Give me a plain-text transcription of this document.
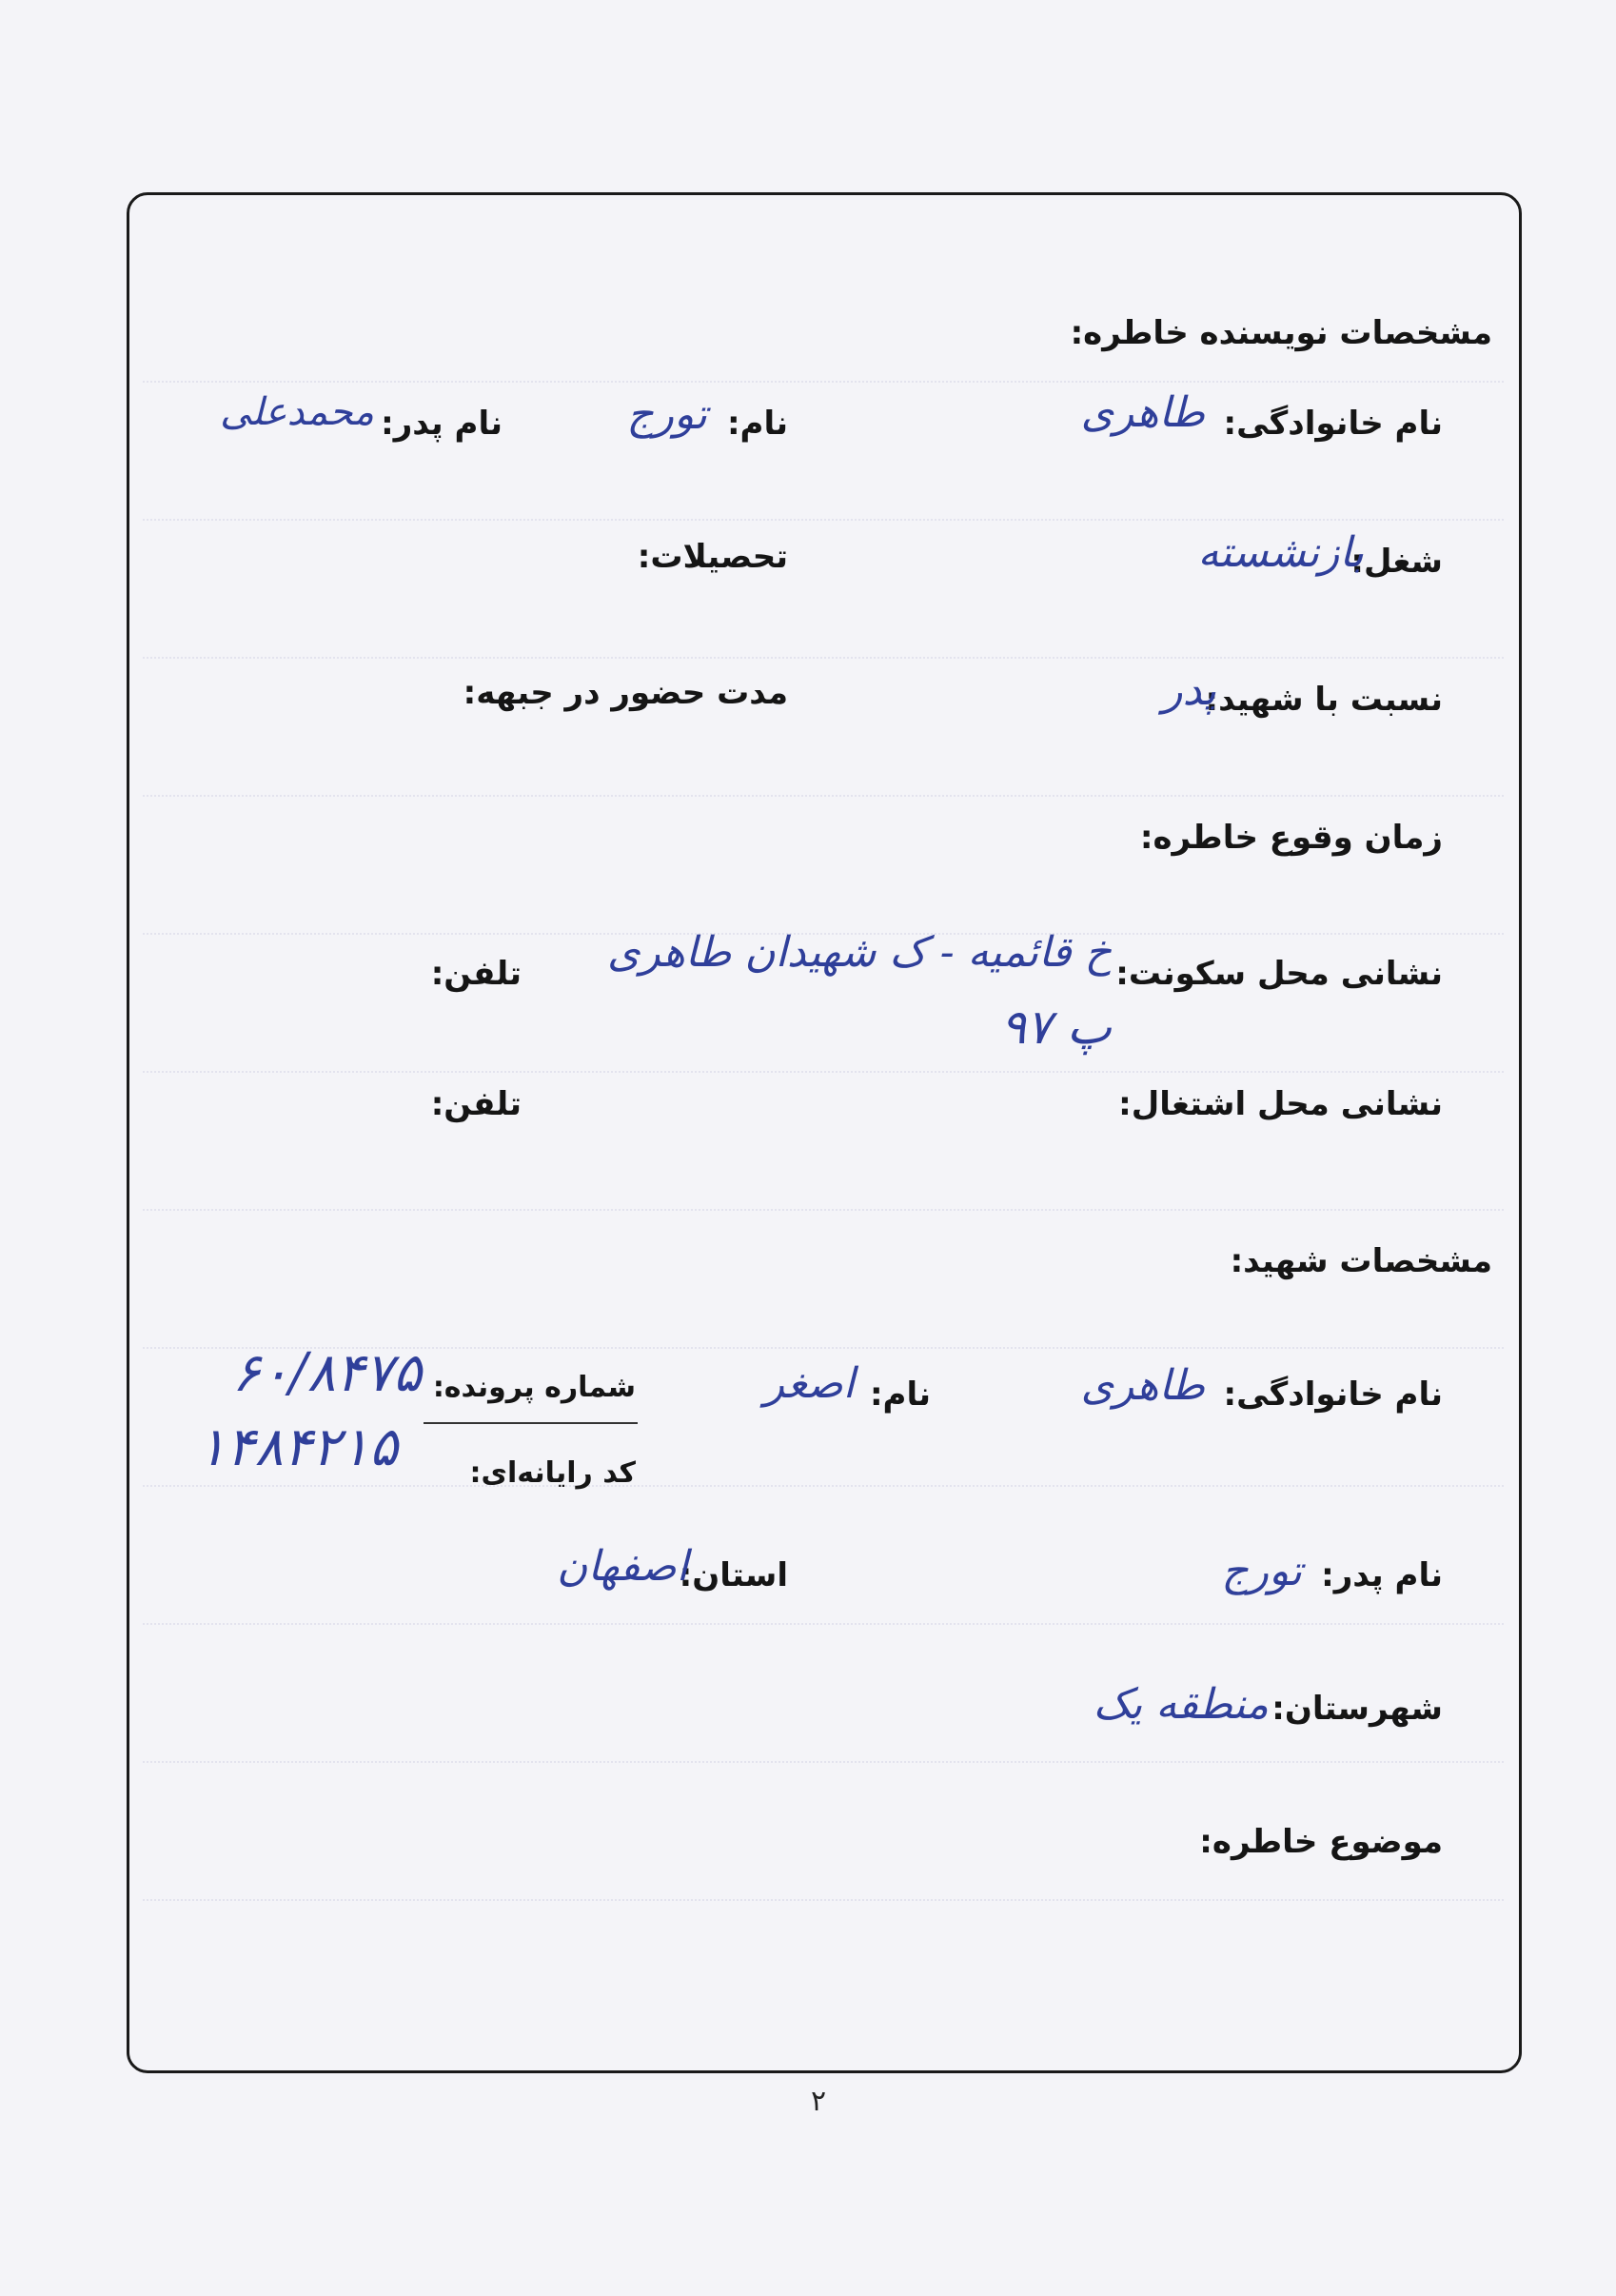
مشخصات نویسنده خاطره:
نام خانوادگی:
طاهری
نام:
تورج
نام پدر:
محمدعلی
شغل:
بازنشسته
تحصیلات:
نسبت با شهید:
پدر
مدت حضور در جبهه:
زمان وقوع خاطره:
نشانی محل سکونت:
خ قائمیه - ک شهیدان طاهری
پ ۹۷
تلفن:
نشانی محل اشتغال:
تلفن:
مشخصات شهید:
نام خانوادگی:
طاهری
نام:
اصغر
شماره پرونده:
۶۰/۸۴۷۵
کد رایانه‌ای:
۱۴۸۴۲۱۵
نام پدر:
تورج
استان:
اصفهان
شهرستان:
منطقه یک
موضوع خاطره:
۲
